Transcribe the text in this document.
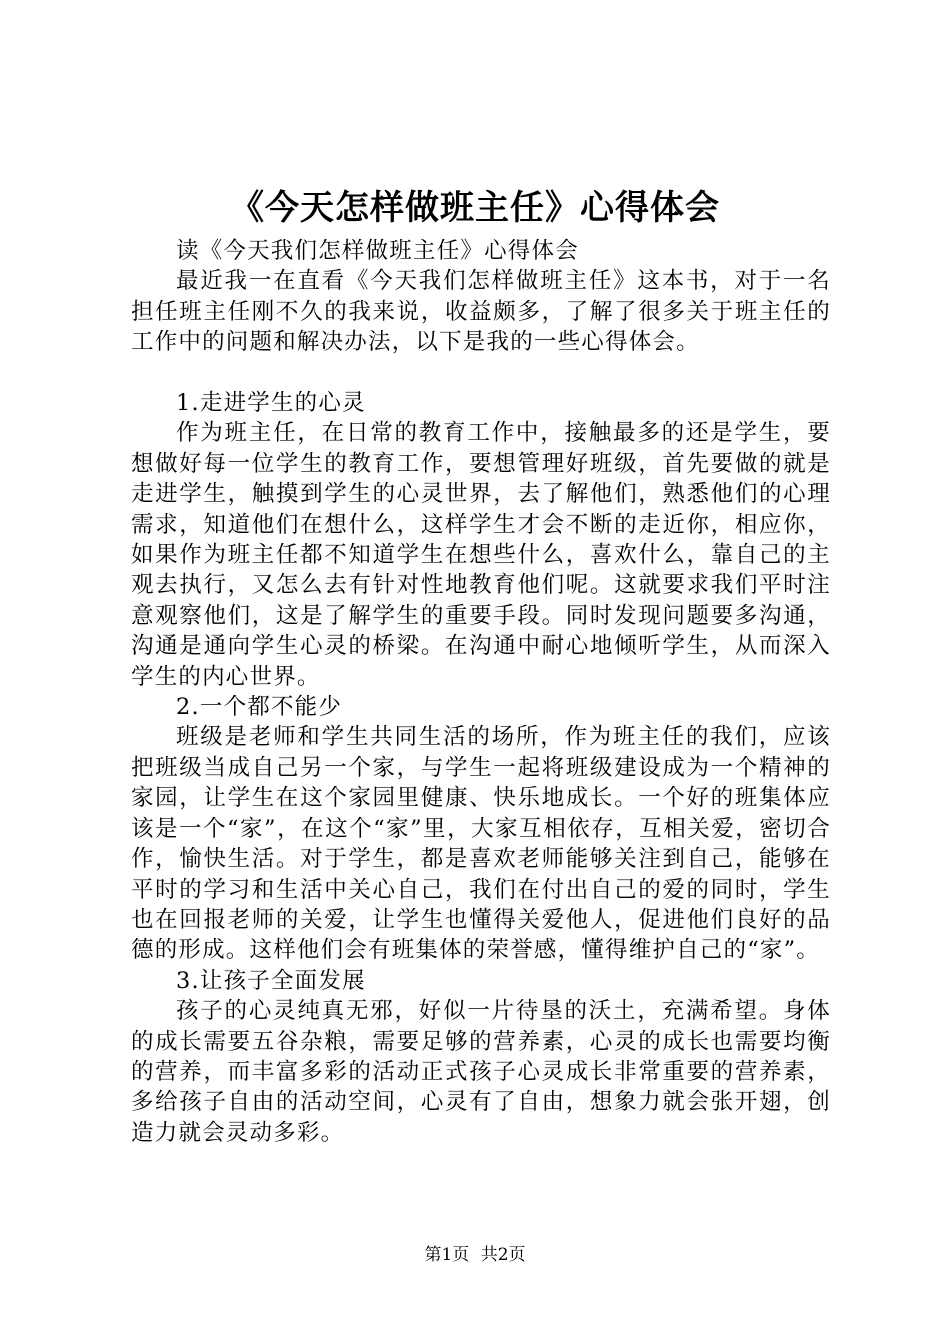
《今天怎样做班主任》心得体会

读《今天我们怎样做班主任》心得体会

最近我一在直看《今天我们怎样做班主任》这本书，对于一名担任班主任刚不久的我来说，收益颇多，了解了很多关于班主任的工作中的问题和解决办法，以下是我的一些心得体会。

1.走进学生的心灵

作为班主任，在日常的教育工作中，接触最多的还是学生，要想做好每一位学生的教育工作，要想管理好班级，首先要做的就是走进学生，触摸到学生的心灵世界，去了解他们，熟悉他们的心理需求，知道他们在想什么，这样学生才会不断的走近你，相应你，如果作为班主任都不知道学生在想些什么，喜欢什么，靠自己的主观去执行，又怎么去有针对性地教育他们呢。这就要求我们平时注意观察他们，这是了解学生的重要手段。同时发现问题要多沟通，沟通是通向学生心灵的桥梁。在沟通中耐心地倾听学生，从而深入学生的内心世界。

2.一个都不能少

班级是老师和学生共同生活的场所，作为班主任的我们，应该把班级当成自己另一个家，与学生一起将班级建设成为一个精神的家园，让学生在这个家园里健康、快乐地成长。一个好的班集体应该是一个“家”，在这个“家”里，大家互相依存，互相关爱，密切合作，愉快生活。对于学生，都是喜欢老师能够关注到自己，能够在平时的学习和生活中关心自己，我们在付出自己的爱的同时，学生也在回报老师的关爱，让学生也懂得关爱他人，促进他们良好的品德的形成。这样他们会有班集体的荣誉感，懂得维护自己的“家”。

3.让孩子全面发展

孩子的心灵纯真无邪，好似一片待垦的沃土，充满希望。身体的成长需要五谷杂粮，需要足够的营养素，心灵的成长也需要均衡的营养，而丰富多彩的活动正式孩子心灵成长非常重要的营养素，多给孩子自由的活动空间，心灵有了自由，想象力就会张开翅，创造力就会灵动多彩。

第1页 共2页
